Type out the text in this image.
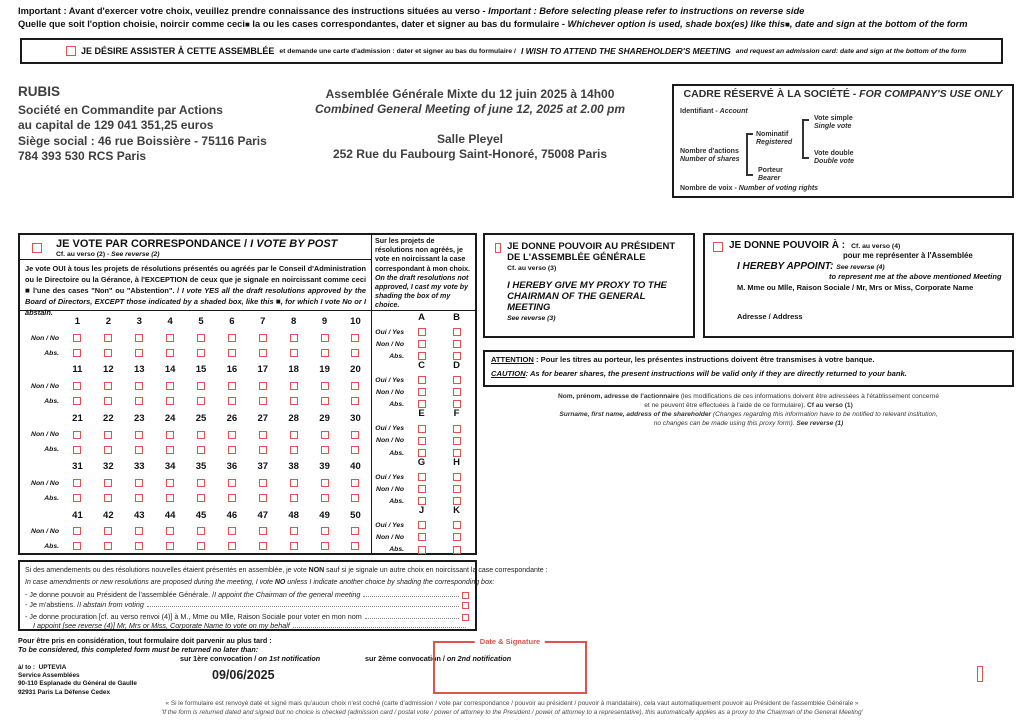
Important : Avant d'exercer votre choix, veuillez prendre connaissance des instructions situées au verso - Important : Before selecting please refer to instructions on reverse side
Quelle que soit l'option choisie, noircir comme ceci■ la ou les cases correspondantes, dater et signer au bas du formulaire - Whichever option is used, shade box(es) like this■, date and sign at the bottom of the form
JE DÉSIRE ASSISTER À CETTE ASSEMBLÉE et demande une carte d'admission : dater et signer au bas du formulaire / I WISH TO ATTEND THE SHAREHOLDER'S MEETING and request an admission card: date and sign at the bottom of the form
RUBIS
Société en Commandite par Actions
au capital de 129 041 351,25 euros
Siège social : 46 rue Boissière - 75116 Paris
784 393 530 RCS Paris
Assemblée Générale Mixte du 12 juin 2025 à 14h00
Combined General Meeting of june 12, 2025 at 2.00 pm
Salle Pleyel
252 Rue du Faubourg Saint-Honoré, 75008 Paris
CADRE RÉSERVÉ À LA SOCIÉTÉ - FOR COMPANY'S USE ONLY
Identifiant - Account
Nombre d'actions
Number of shares
Nominatif
Registered
Porteur
Bearer
Vote simple
Single vote
Vote double
Double vote
Nombre de voix - Number of voting rights
JE VOTE PAR CORRESPONDANCE / I VOTE BY POST
Cf. au verso (2) - See reverse (2)
Je vote OUI à tous les projets de résolutions présentés ou agréés par le Conseil d'Administration ou le Directoire ou la Gérance, à l'EXCEPTION de ceux que je signale en noircissant comme ceci ■ l'une des cases "Non" ou "Abstention". / I vote YES all the draft resolutions approved by the Board of Directors, EXCEPT those indicated by a shaded box, like this ■, for which I vote No or I abstain.
1	2	3	4	5	6	7	8	9	10
Non / No
Abs.
11	12	13	14	15	16	17	18	19	20
Non / No
Abs.
21	22	23	24	25	26	27	28	29	30
Non / No
Abs.
31	32	33	34	35	36	37	38	39	40
Non / No
Abs.
41	42	43	44	45	46	47	48	49	50
Non / No
Abs.
Sur les projets de résolutions non agréés, je vote en noircissant la case correspondant à mon choix. On the draft resolutions not approved, I cast my vote by shading the box of my choice.
A	B
Oui / Yes
Non / No
Abs.
C	D
Oui / Yes
Non / No
Abs.
E	F
Oui / Yes
Non / No
Abs.
G	H
Oui / Yes
Non / No
Abs.
J	K
Oui / Yes
Non / No
Abs.
Si des amendements ou des résolutions nouvelles étaient présentés en assemblée, je vote NON sauf si je signale un autre choix en noircissant la case correspondante :
In case amendments or new resolutions are proposed during the meeting, I vote NO unless I indicate another choice by shading the corresponding box:
- Je donne pouvoir au Président de l'assemblée Générale. / I appoint the Chairman of the general meeting
- Je m'abstiens. / I abstain from voting
- Je donne procuration [cf. au verso renvoi (4)] à M., Mme ou Mlle, Raison Sociale pour voter en mon nom
I appoint [see reverse (4)] Mr, Mrs or Miss, Corporate Name to vote on my behalf
JE DONNE POUVOIR AU PRÉSIDENT
DE L'ASSEMBLÉE GÉNÉRALE
Cf. au verso (3)
I HEREBY GIVE MY PROXY TO THE CHAIRMAN OF THE GENERAL MEETING
See reverse (3)
JE DONNE POUVOIR À : Cf. au verso (4)
pour me représenter à l'Assemblée
I HEREBY APPOINT: See reverse (4)
to represent me at the above mentioned Meeting
M. Mme ou Mlle, Raison Sociale / Mr, Mrs or Miss, Corporate Name
Adresse / Address
ATTENTION : Pour les titres au porteur, les présentes instructions doivent être transmises à votre banque.
CAUTION: As for bearer shares, the present instructions will be valid only if they are directly returned to your bank.
Nom, prénom, adresse de l'actionnaire (les modifications de ces informations doivent être adressées à l'établissement concerné
et ne peuvent être effectuées à l'aide de ce formulaire). Cf au verso (1)
Surname, first name, address of the shareholder (Changes regarding this information have to be notified to relevant institution,
no changes can be made using this proxy form). See reverse (1)
Pour être pris en considération, tout formulaire doit parvenir au plus tard :
To be considered, this completed form must be returned no later than:
sur 1ère convocation / on 1st notification	sur 2ème convocation / on 2nd notification
09/06/2025
à/ to : UPTEVIA
Service Assemblées
90-110 Esplanade du Général de Gaulle
92931 Paris La Défense Cedex
Date & Signature
« Si le formulaire est renvoyé daté et signé mais qu'aucun choix n'est coché (carte d'admission / vote par correspondance / pouvoir au président / pouvoir à mandataire), cela vaut automatiquement pouvoir au Président de l'assemblée Générale »
'If the form is returned dated and signed but no choice is checked (admission card / postal vote / power of attorney to the President / power of attorney to a representative), this automatically applies as a proxy to the Chairman of the General Meeting'
